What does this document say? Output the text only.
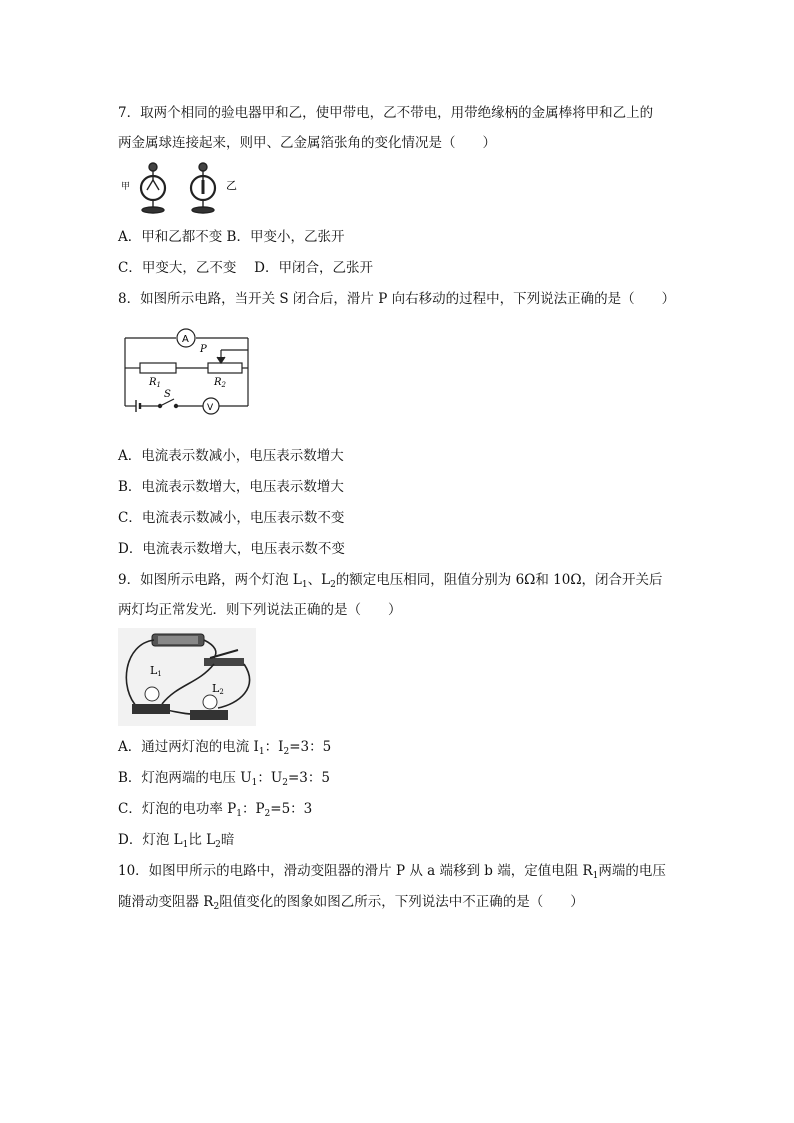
7．取两个相同的验电器甲和乙，使甲带电，乙不带电，用带绝缘柄的金属棒将甲和乙上的
两金属球连接起来，则甲、乙金属箔张角的变化情况是（　　）
甲	乙
A．甲和乙都不变 B．甲变小，乙张开
C．甲变大，乙不变　 D．甲闭合，乙张开
8．如图所示电路，当开关 S 闭合后，滑片 P 向右移动的过程中，下列说法正确的是（　　）
A
V
P
$R_1$	$R_2$
S
A．电流表示数减小，电压表示数增大
B．电流表示数增大，电压表示数增大
C．电流表示数减小，电压表示数不变
D．电流表示数增大，电压表示数不变
9．如图所示电路，两个灯泡 $L_1$、$L_2$的额定电压相同，阻值分别为 6Ω和 10Ω，闭合开关后
两灯均正常发光．则下列说法正确的是（　　）
L1
L2
A．通过两灯泡的电流 $I_1$：$I_2=3$：5
B．灯泡两端的电压 $U_1$：$U_2=3$：5
C．灯泡的电功率 $P_1$：$P_2=5$：3
D．灯泡 $L_1$比 $L_2$暗
10．如图甲所示的电路中，滑动变阻器的滑片 P 从 a 端移到 b 端，定值电阻 $R_1$两端的电压
随滑动变阻器 $R_2$阻值变化的图象如图乙所示，下列说法中不正确的是（　　）
